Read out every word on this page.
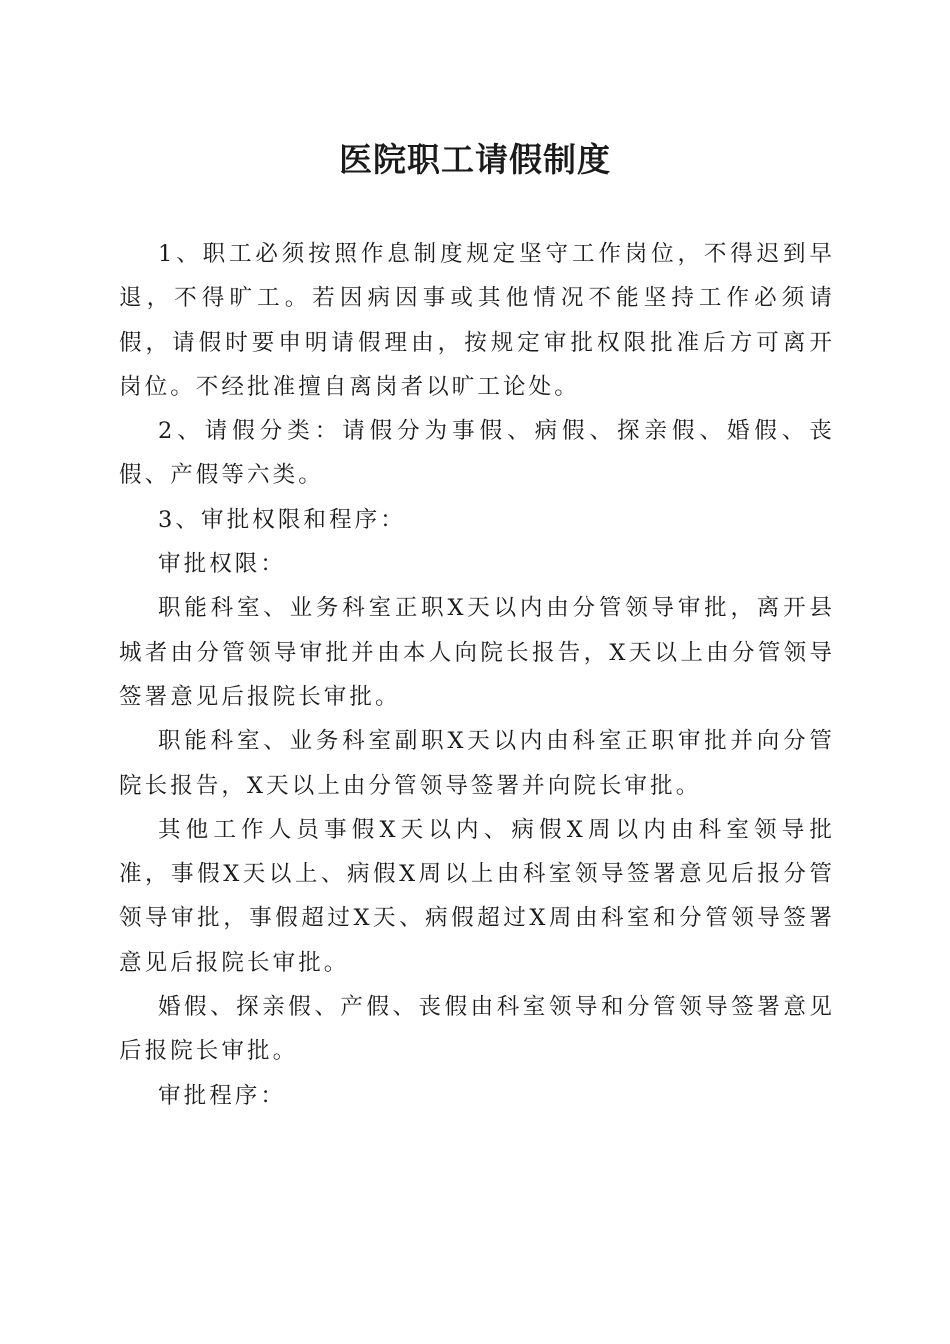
医院职工请假制度

1、职工必须按照作息制度规定坚守工作岗位，不得迟到早退，不得旷工。若因病因事或其他情况不能坚持工作必须请假，请假时要申明请假理由，按规定审批权限批准后方可离开岗位。不经批准擅自离岗者以旷工论处。

2、请假分类：请假分为事假、病假、探亲假、婚假、丧假、产假等六类。

3、审批权限和程序：

审批权限：

职能科室、业务科室正职X天以内由分管领导审批，离开县城者由分管领导审批并由本人向院长报告，X天以上由分管领导签署意见后报院长审批。

职能科室、业务科室副职X天以内由科室正职审批并向分管院长报告，X天以上由分管领导签署并向院长审批。

其他工作人员事假X天以内、病假X周以内由科室领导批准，事假X天以上、病假X周以上由科室领导签署意见后报分管领导审批，事假超过X天、病假超过X周由科室和分管领导签署意见后报院长审批。

婚假、探亲假、产假、丧假由科室领导和分管领导签署意见后报院长审批。

审批程序：
